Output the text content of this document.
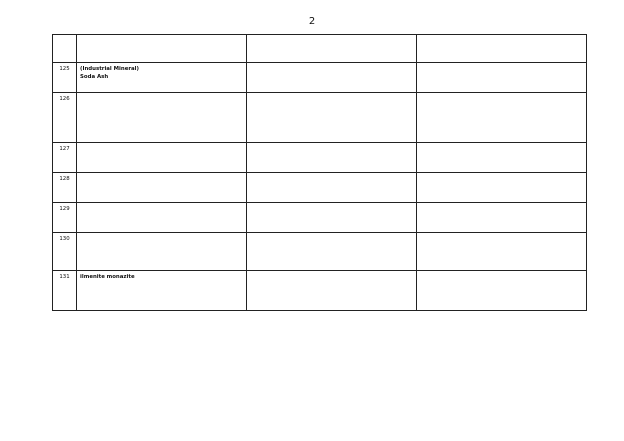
2

125	(Industrial Mineral)
Soda Ash		

126	

127	

128	

129	

130	

131	ilmenite monazite		
